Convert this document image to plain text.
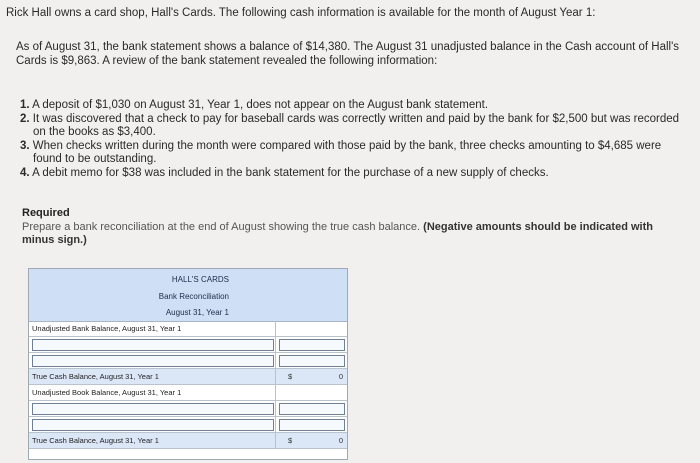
Rick Hall owns a card shop, Hall's Cards. The following cash information is available for the month of August Year 1:
As of August 31, the bank statement shows a balance of $14,380. The August 31 unadjusted balance in the Cash account of Hall's Cards is $9,863. A review of the bank statement revealed the following information:
1. A deposit of $1,030 on August 31, Year 1, does not appear on the August bank statement.
2. It was discovered that a check to pay for baseball cards was correctly written and paid by the bank for $2,500 but was recorded on the books as $3,400.
3. When checks written during the month were compared with those paid by the bank, three checks amounting to $4,685 were found to be outstanding.
4. A debit memo for $38 was included in the bank statement for the purchase of a new supply of checks.
Required
Prepare a bank reconciliation at the end of August showing the true cash balance. (Negative amounts should be indicated with minus sign.)
HALL'S CARDS
Bank Reconciliation
August 31, Year 1
Unadjusted Bank Balance, August 31, Year 1
True Cash Balance, August 31, Year 1	$	0
Unadjusted Book Balance, August 31, Year 1
True Cash Balance, August 31, Year 1	$	0
